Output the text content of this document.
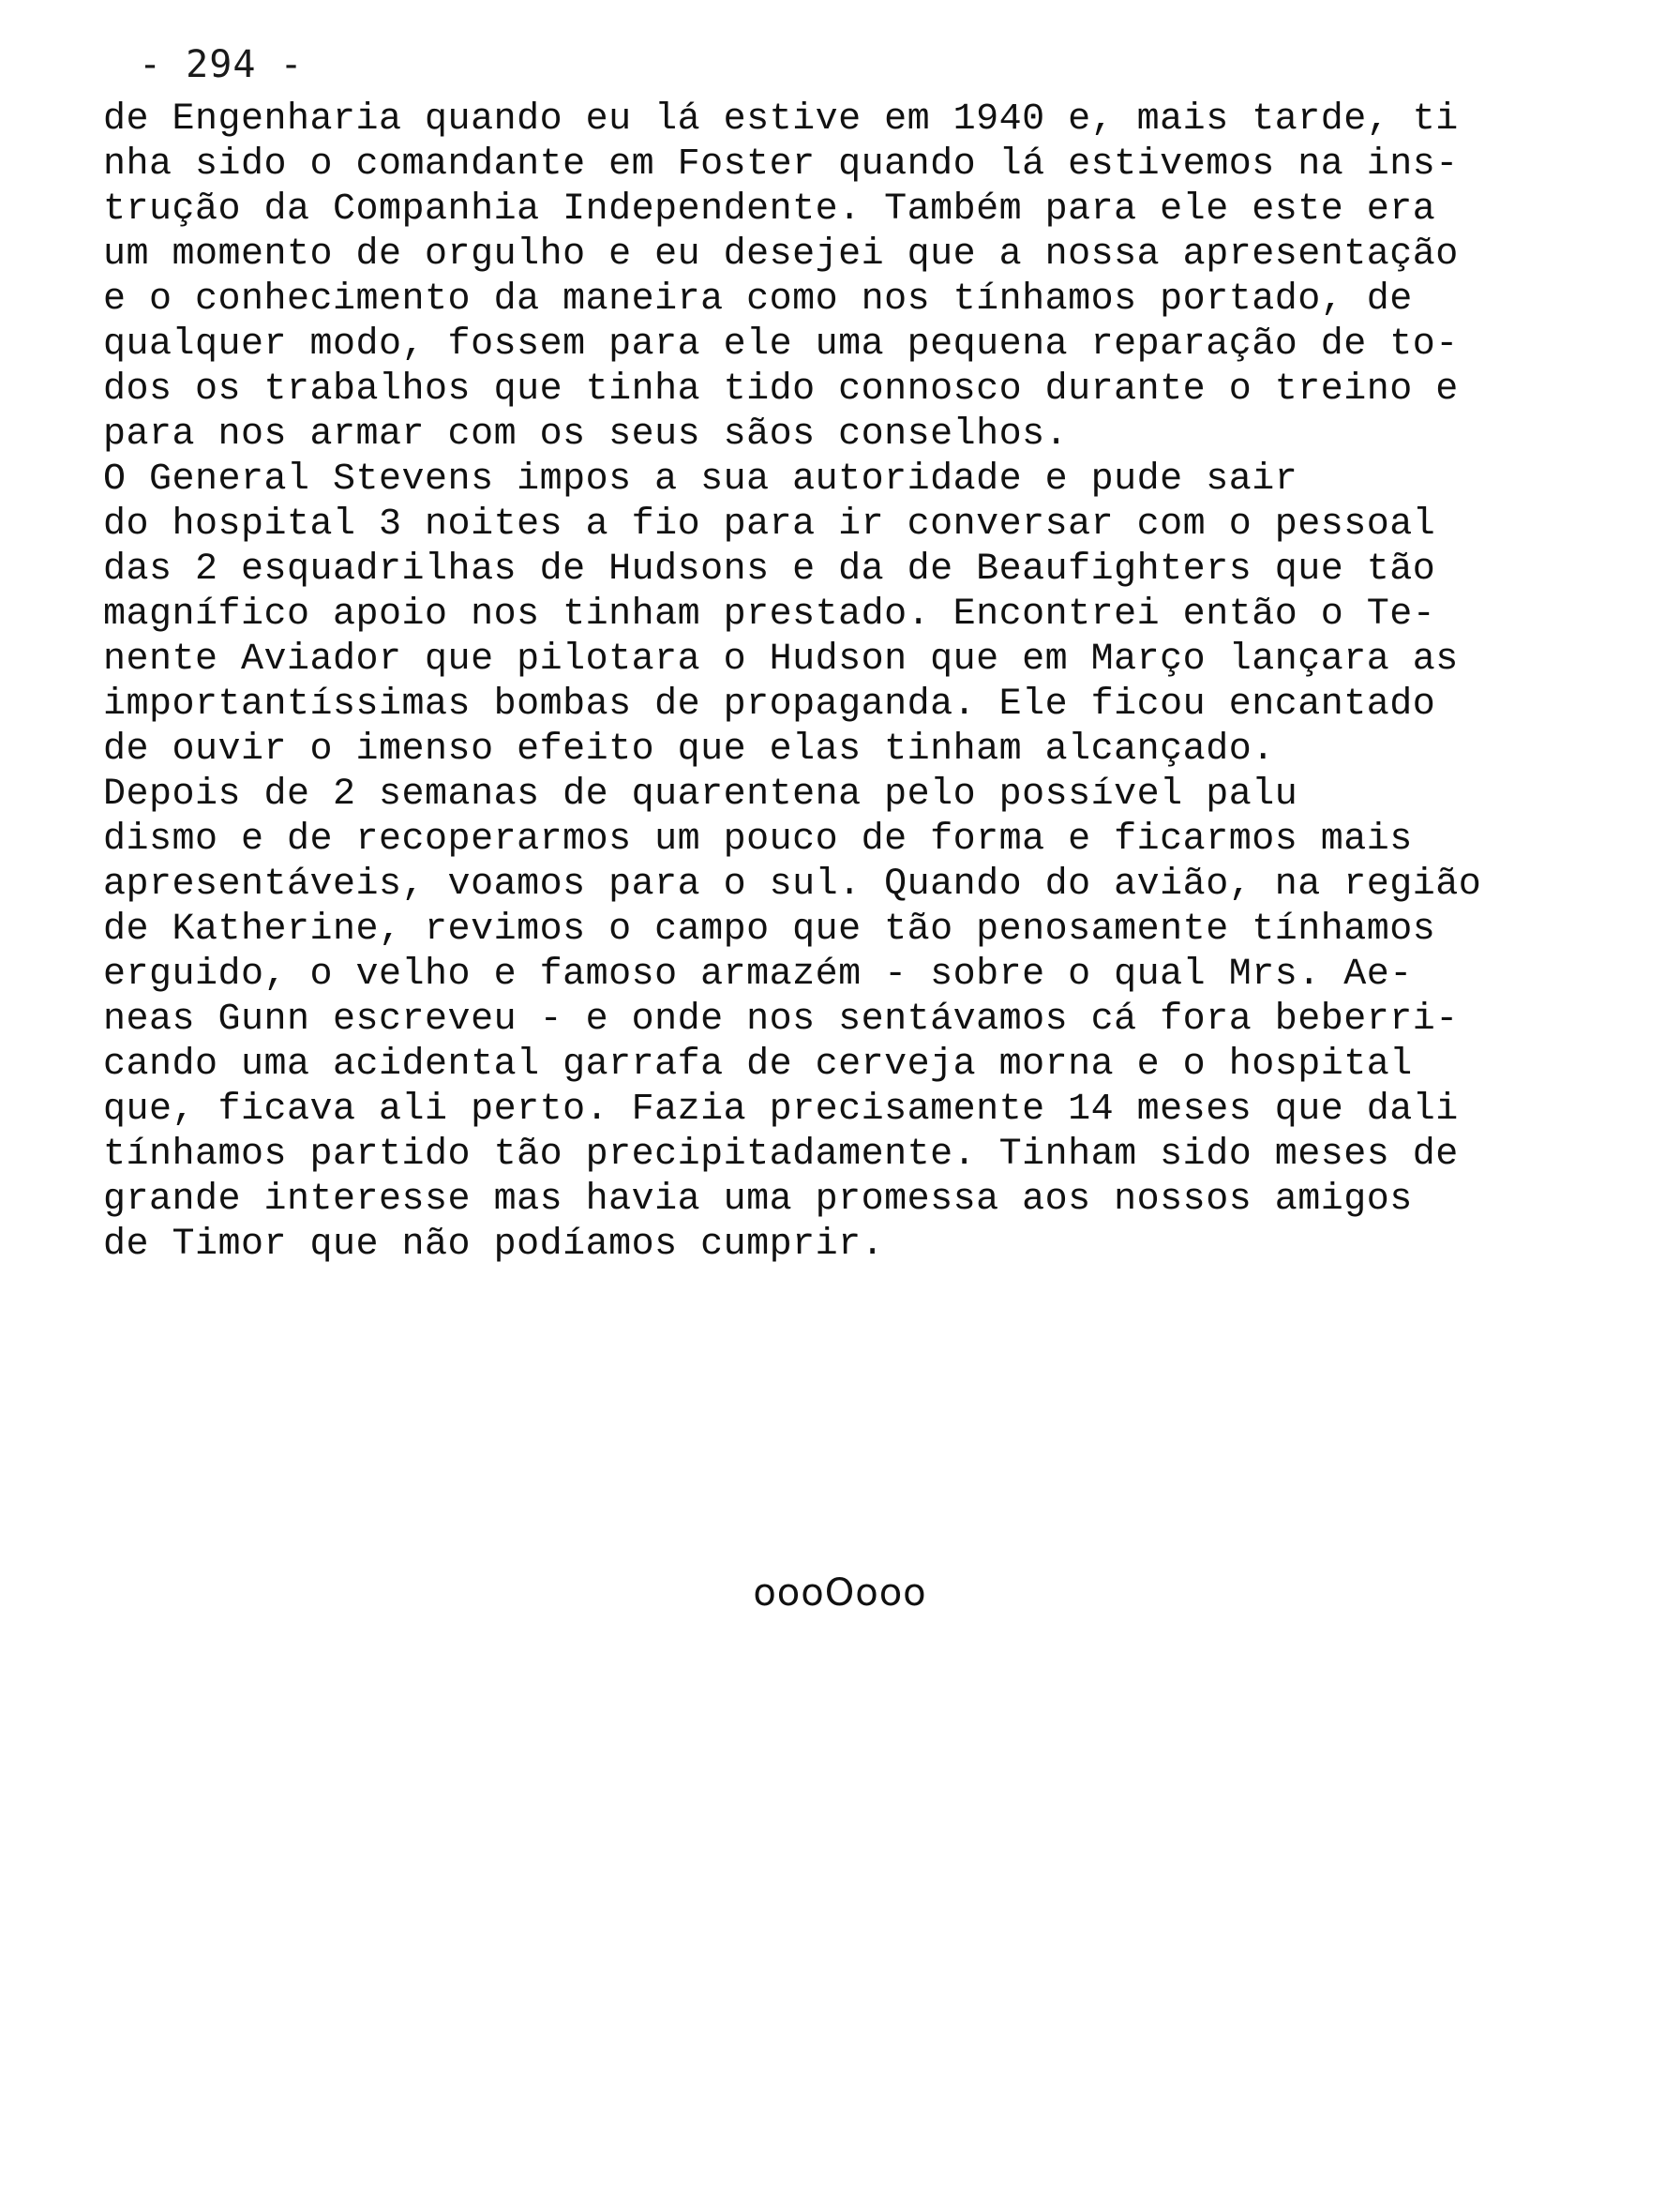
- 294 -
de Engenharia quando eu lá estive em 1940 e, mais tarde, ti
nha sido o comandante em Foster quando lá estivemos na ins-
trução da Companhia Independente. Também para ele este era
um momento de orgulho e eu desejei que a nossa apresentação
e o conhecimento da maneira como nos tínhamos portado, de
qualquer modo, fossem para ele uma pequena reparação de to-
dos os trabalhos que tinha tido connosco durante o treino e
para nos armar com os seus sãos conselhos.
O General Stevens impos a sua autoridade e pude sair
do hospital 3 noites a fio para ir conversar com o pessoal
das 2 esquadrilhas de Hudsons e da de Beaufighters que tão
magnífico apoio nos tinham prestado. Encontrei então o Te-
nente Aviador que pilotara o Hudson que em Março lançara as
importantíssimas bombas de propaganda. Ele ficou encantado
de ouvir o imenso efeito que elas tinham alcançado.
Depois de 2 semanas de quarentena pelo possível palu
dismo e de recoperarmos um pouco de forma e ficarmos mais
apresentáveis, voamos para o sul. Quando do avião, na região
de Katherine, revimos o campo que tão penosamente tínhamos
erguido, o velho e famoso armazém - sobre o qual Mrs. Ae-
neas Gunn escreveu - e onde nos sentávamos cá fora beberri-
cando uma acidental garrafa de cerveja morna e o hospital
que, ficava ali perto. Fazia precisamente 14 meses que dali
tínhamos partido tão precipitadamente. Tinham sido meses de
grande interesse mas havia uma promessa aos nossos amigos
de Timor que não podíamos cumprir.
oooOooo
